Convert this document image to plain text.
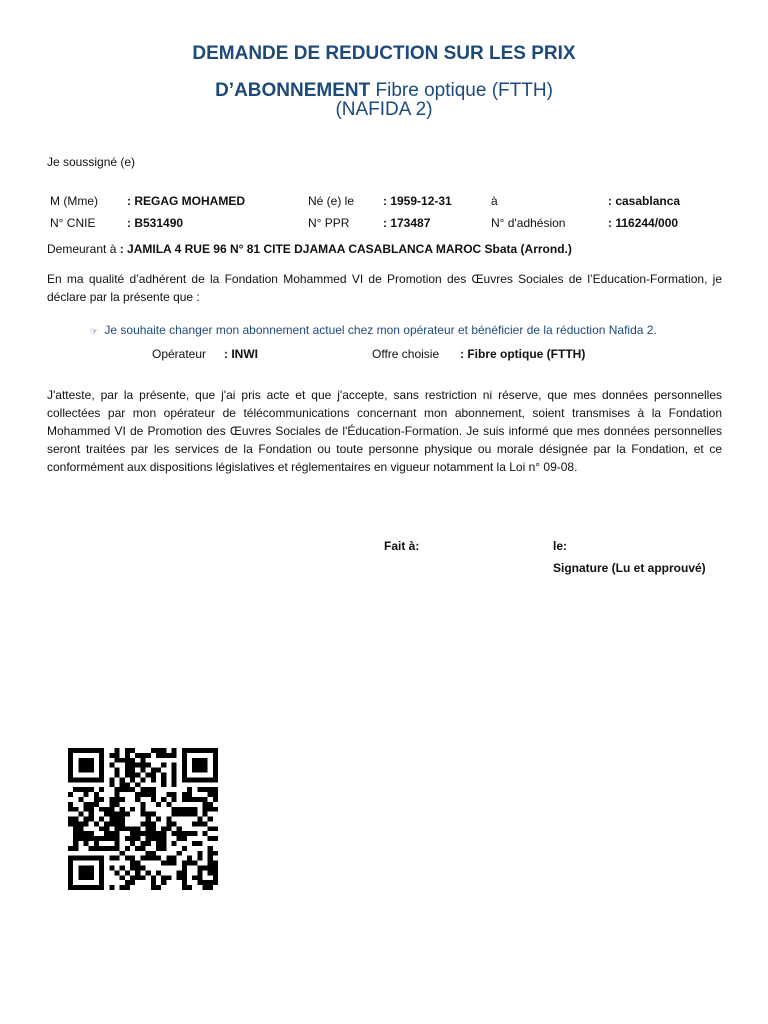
DEMANDE DE REDUCTION SUR LES PRIX
D’ABONNEMENT Fibre optique (FTTH)
(NAFIDA 2)
Je soussigné (e)
M (Mme) : REGAG MOHAMED	Né (e) le : 1959-12-31	à	: casablanca
N° CNIE	: B531490	N° PPR	: 173487	N° d'adhésion	: 116244/000
Demeurant à : JAMILA 4 RUE 96 N° 81 CITE DJAMAA CASABLANCA MAROC Sbata (Arrond.)
En ma qualité d’adhérent de la Fondation Mohammed VI de Promotion des Œuvres Sociales de l’Education-Formation, je déclare par la présente que :
☞ Je souhaite changer mon abonnement actuel chez mon opérateur et bénéficier de la réduction Nafida 2.
Opérateur : INWI	Offre choisie : Fibre optique (FTTH)
J'atteste, par la présente, que j'ai pris acte et que j'accepte, sans restriction ni réserve, que mes données personnelles collectées par mon opérateur de télécommunications concernant mon abonnement, soient transmises à la Fondation Mohammed VI de Promotion des Œuvres Sociales de l'Éducation-Formation. Je suis informé que mes données personnelles seront traitées par les services de la Fondation ou toute personne physique ou morale désignée par la Fondation, et ce conformément aux dispositions législatives et réglementaires en vigueur notamment la Loi n° 09-08.
Fait à:	le:
Signature (Lu et approuvé)
